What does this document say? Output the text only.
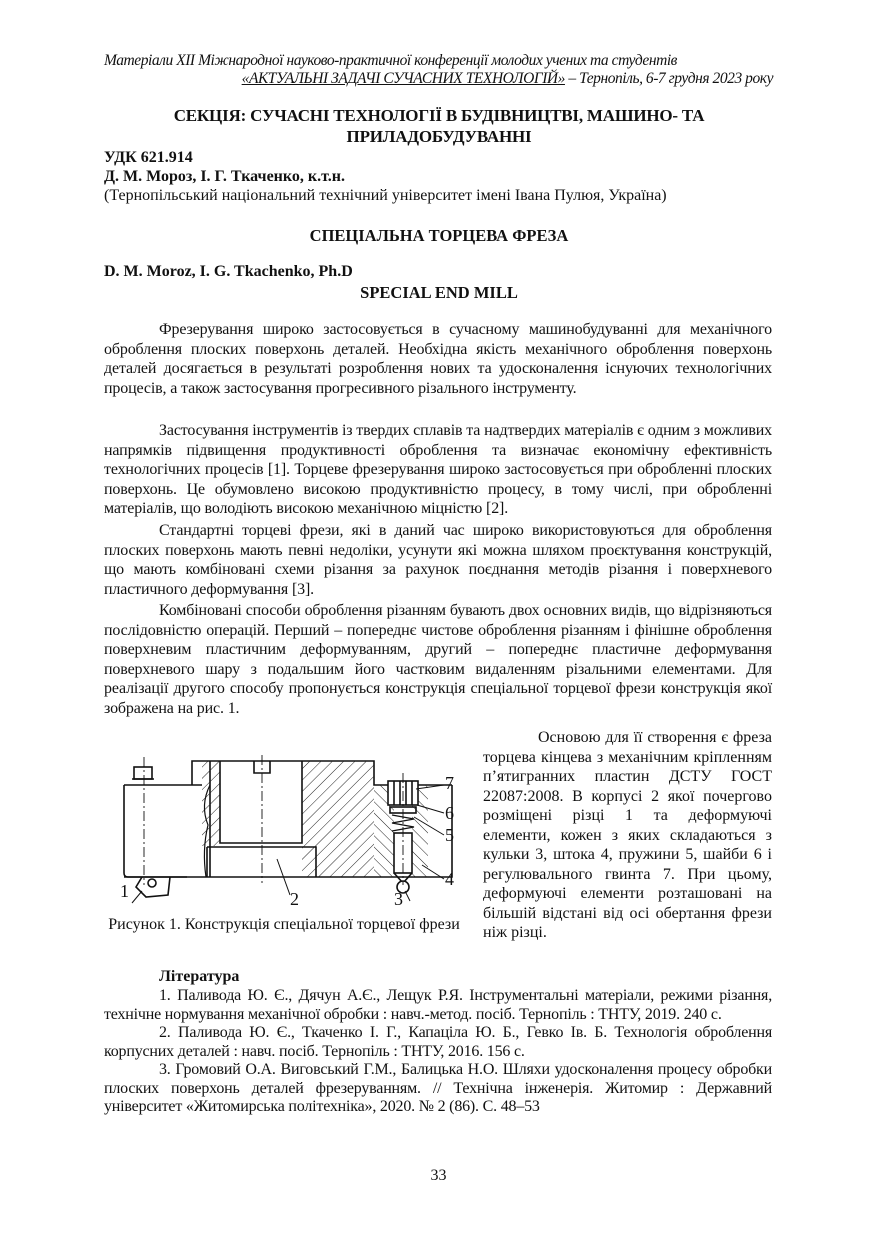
Матеріали XII Міжнародної науково-практичної конференції молодих учених та студентів
«АКТУАЛЬНІ ЗАДАЧІ СУЧАСНИХ ТЕХНОЛОГІЙ» – Тернопіль, 6-7 грудня 2023 року
СЕКЦІЯ: СУЧАСНІ ТЕХНОЛОГІЇ В БУДІВНИЦТВІ, МАШИНО- ТА ПРИЛАДОБУДУВАННІ
УДК 621.914
Д. М. Мороз, І. Г. Ткаченко, к.т.н.
(Тернопільський національний технічний університет імені Івана Пулюя, Україна)
СПЕЦІАЛЬНА ТОРЦЕВА ФРЕЗА
D. M. Moroz, I. G. Tkachenko, Ph.D
SPECIAL END MILL

Фрезерування широко застосовується в сучасному машинобудуванні для механічного оброблення плоских поверхонь деталей. Необхідна якість механічного оброблення поверхонь деталей досягається в результаті розроблення нових та удосконалення існуючих технологічних процесів, а також застосування прогресивного різального інструменту.

Застосування інструментів із твердих сплавів та надтвердих матеріалів є одним з можливих напрямків підвищення продуктивності оброблення та визначає економічну ефективність технологічних процесів [1]. Торцеве фрезерування широко застосовується при обробленні плоских поверхонь. Це обумовлено високою продуктивністю процесу, в тому числі, при обробленні матеріалів, що володіють високою механічною міцністю [2].

Стандартні торцеві фрези, які в даний час широко використовуються для оброблення плоских поверхонь мають певні недоліки, усунути які можна шляхом проєктування конструкцій, що мають комбіновані схеми різання за рахунок поєднання методів різання і поверхневого пластичного деформування [3].

Комбіновані способи оброблення різанням бувають двох основних видів, що відрізняються послідовністю операцій. Перший – попереднє чистове оброблення різанням і фінішне оброблення поверхневим пластичним деформуванням, другий – попереднє пластичне деформування поверхневого шару з подальшим його частковим видаленням різальними елементами. Для реалізації другого способу пропонується конструкція спеціальної торцевої фрези конструкція якої зображена на рис. 1.

1	2	3
4
5
6
7
Рисунок 1. Конструкція спеціальної торцевої фрези

Основою для її створення є фреза торцева кінцева з механічним кріпленням п’ятигранних пластин ДСТУ ГОСТ 22087:2008. В корпусі 2 якої почергово розміщені різці 1 та деформуючі елементи, кожен з яких складаються з кульки 3, штока 4, пружини 5, шайби 6 і регулювального гвинта 7. При цьому, деформуючі елементи розташовані на більшій відстані від осі обертання фрези ніж різці.

Література

1. Паливода Ю. Є., Дячун А.Є., Лещук Р.Я. Інструментальні матеріали, режими різання, технічне нормування механічної обробки : навч.-метод. посіб. Тернопіль : ТНТУ, 2019. 240 с.

2. Паливода Ю. Є., Ткаченко І. Г., Капаціла Ю. Б., Гевко Ів. Б. Технологія оброблення корпусних деталей : навч. посіб. Тернопіль : ТНТУ, 2016. 156 с.

3. Громовий О.А. Виговський Г.М., Балицька Н.О. Шляхи удосконалення процесу обробки плоских поверхонь деталей фрезеруванням. // Технічна інженерія. Житомир : Державний університет «Житомирська політехніка», 2020. № 2 (86). С. 48–53

33
